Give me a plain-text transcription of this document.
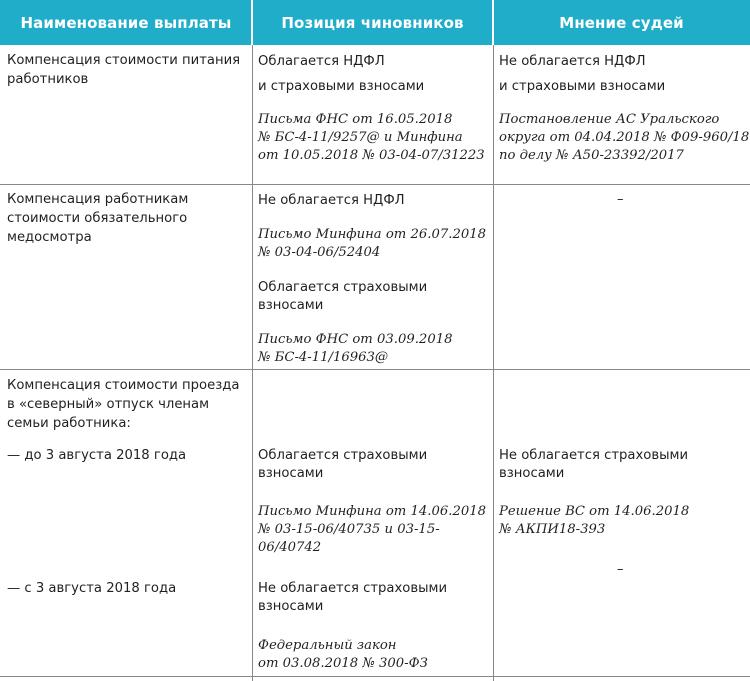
Наименование выплаты	Позиция чиновников	Мнение судей
Компенсация стоимости питания
работников
Облагается НДФЛ
и страховыми взносами
Письма ФНС от 16.05.2018
№ БС-4-11/9257@ и Минфина
от 10.05.2018 № 03-04-07/31223
Не облагается НДФЛ
и страховыми взносами
Постановление АС Уральского
округа от 04.04.2018 № Ф09-960/18
по делу № А50-23392/2017
Компенсация работникам
стоимости обязательного
медосмотра
Не облагается НДФЛ
Письмо Минфина от 26.07.2018
№ 03-04-06/52404
Облагается страховыми
взносами
Письмо ФНС от 03.09.2018
№ БС-4-11/16963@
–
Компенсация стоимости проезда
в «северный» отпуск членам
семьи работника:
— до 3 августа 2018 года
— с 3 августа 2018 года
Облагается страховыми
взносами
Письмо Минфина от 14.06.2018
№ 03-15-06/40735 и 03-15-
06/40742
Не облагается страховыми
взносами
Федеральный закон
от 03.08.2018 № 300-ФЗ
Не облагается страховыми
взносами
Решение ВС от 14.06.2018
№ АКПИ18-393
–
